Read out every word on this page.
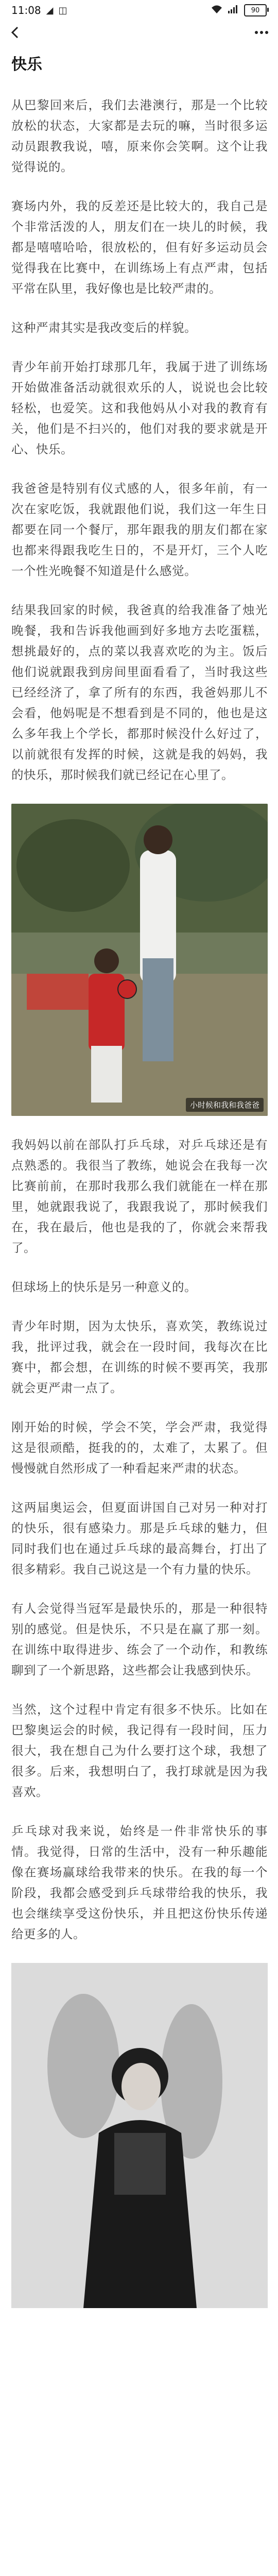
11:08 ◢ ◫	90
快乐

从巴黎回来后，我们去港澳行，那是一个比较放松的状态，大家都是去玩的嘛，当时很多运动员跟教我说，嘻，原来你会笑啊。这个让我觉得说的。

赛场内外，我的反差还是比较大的，我自己是个非常活泼的人，朋友们在一块儿的时候，我都是嘻嘻哈哈，很放松的，但有好多运动员会觉得我在比赛中，在训练场上有点严肃，包括平常在队里，我好像也是比较严肃的。

这种严肃其实是我改变后的样貌。

青少年前开始打球那几年，我属于进了训练场开始做准备活动就很欢乐的人，说说也会比较轻松，也爱笑。这和我他妈从小对我的教育有关，他们是不扫兴的，他们对我的要求就是开心、快乐。

我爸爸是特别有仪式感的人，很多年前，有一次在家吃饭，我就跟他们说，我们这一年生日都要在同一个餐厅，那年跟我的朋友们都在家也都来得跟我吃生日的，不是开灯，三个人吃一个性光晚餐不知道是什么感觉。

结果我回家的时候，我爸真的给我准备了烛光晚餐，我和告诉我他画到好多地方去吃蛋糕，想挑最好的，点的菜以我喜欢吃的为主。饭后他们说就跟我到房间里面看看了，当时我这些已经经济了，拿了所有的东西，我爸妈那儿不会看，他妈呢是不想看到是不同的，他也是这么多年我上个学长，都那时候没什么好过了，以前就很有发挥的时候，这就是我的妈妈，我的快乐，那时候我们就已经记在心里了。

小时候和我和我爸爸

我妈妈以前在部队打乒乓球，对乒乓球还是有点熟悉的。我很当了教练，她说会在我每一次比赛前前，在那时我那么我们就能在一样在那里，她就跟我说了，我跟我说了，那时候我们在，我在最后，他也是我的了，你就会来帮我了。

但球场上的快乐是另一种意义的。

青少年时期，因为太快乐，喜欢笑，教练说过我，批评过我，就会在一段时间，我每次在比赛中，都会想，在训练的时候不要再笑，我那就会更严肃一点了。

刚开始的时候，学会不笑，学会严肃，我觉得这是很顽酷，挺我的的，太难了，太累了。但慢慢就自然形成了一种看起来严肃的状态。

这两届奥运会，但夏面讲国自己对另一种对打的快乐，很有感染力。那是乒乓球的魅力，但同时我们也在通过乒乓球的最高舞台，打出了很多精彩。我自己说这是一个有力量的快乐。

有人会觉得当冠军是最快乐的，那是一种很特别的感觉。但是快乐，不只是在赢了那一刻。在训练中取得进步、练会了一个动作，和教练聊到了一个新思路，这些都会让我感到快乐。

当然，这个过程中肯定有很多不快乐。比如在巴黎奥运会的时候，我记得有一段时间，压力很大，我在想自己为什么要打这个球，我想了很多。后来，我想明白了，我打球就是因为我喜欢。

乒乓球对我来说，始终是一件非常快乐的事情。我觉得，日常的生活中，没有一种乐趣能像在赛场赢球给我带来的快乐。在我的每一个阶段，我都会感受到乒乓球带给我的快乐，我也会继续享受这份快乐，并且把这份快乐传递给更多的人。
